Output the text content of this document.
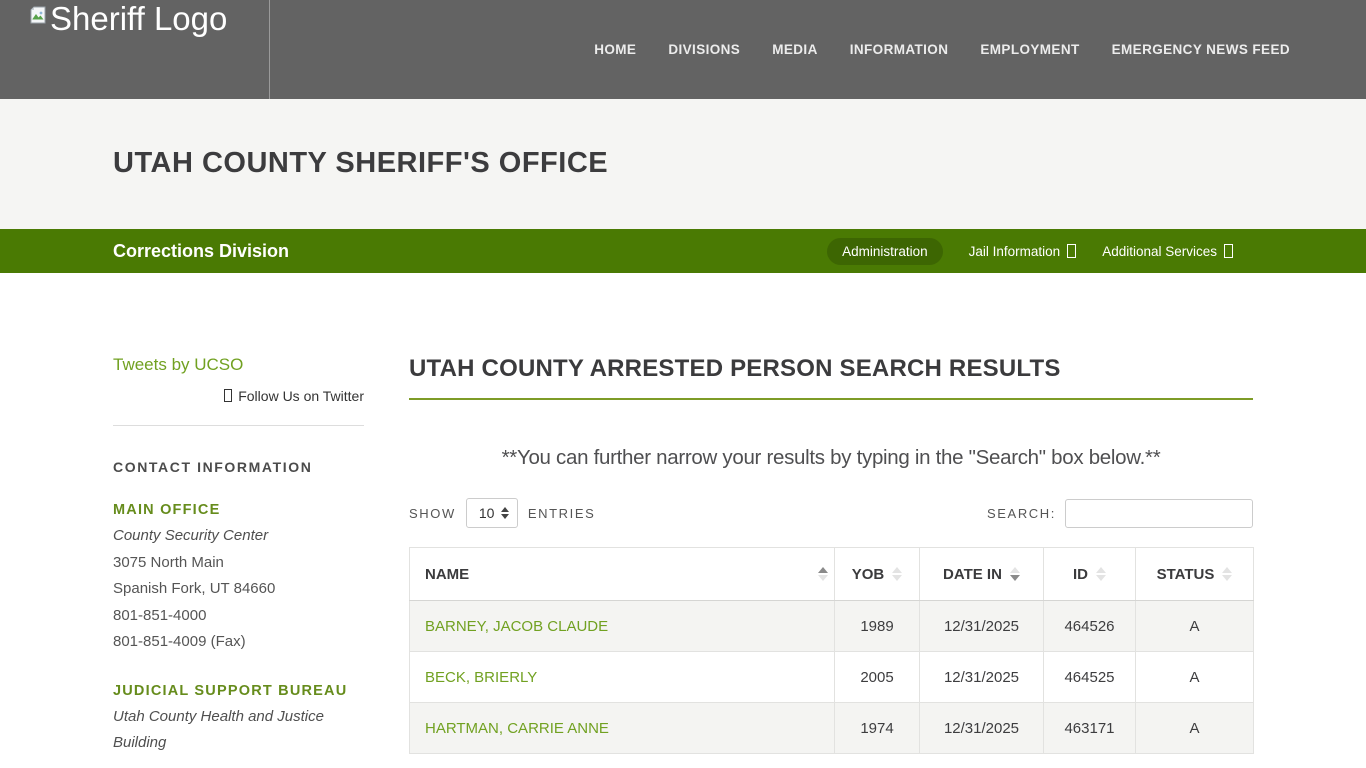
Sheriff Logo
HOME DIVISIONS MEDIA INFORMATION EMPLOYMENT EMERGENCY NEWS FEED
UTAH COUNTY SHERIFF'S OFFICE
Corrections Division	Administration	Jail Information	Additional Services
Tweets by UCSO
Follow Us on Twitter
CONTACT INFORMATION
MAIN OFFICE
County Security Center
3075 North Main
Spanish Fork, UT 84660
801-851-4000
801-851-4009 (Fax)
JUDICIAL SUPPORT BUREAU
Utah County Health and Justice Building
UTAH COUNTY ARRESTED PERSON SEARCH RESULTS
**You can further narrow your results by typing in the "Search" box below.**
SHOW 10	ENTRIES	SEARCH:
NAME	YOB	DATE IN	ID	STATUS

BARNEY, JACOB CLAUDE	1989	12/31/2025	464526	A
BECK, BRIERLY	2005	12/31/2025	464525	A
HARTMAN, CARRIE ANNE	1974	12/31/2025	463171	A
